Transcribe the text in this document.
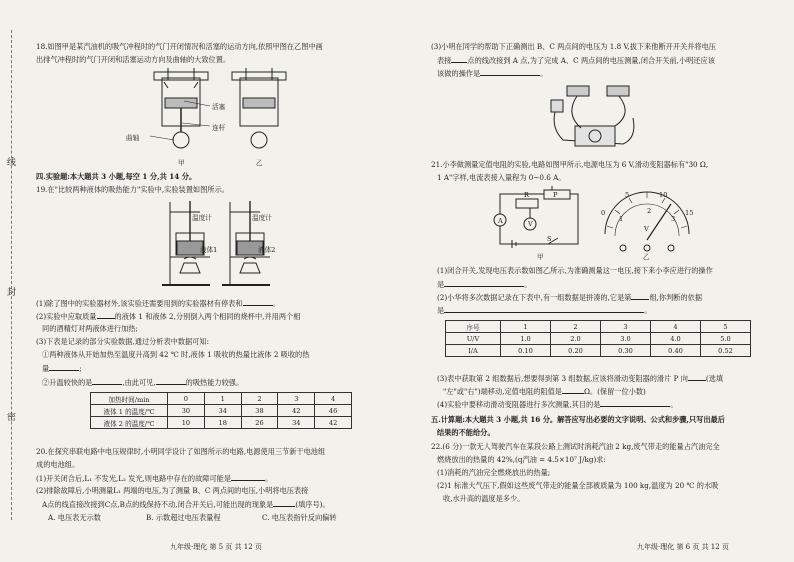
线
封
密
18.如图甲是某汽油机的吸气冲程时的气门开闭情况和活塞的运动方向,依照甲图在乙图中画
出排气冲程时的气门开闭和活塞运动方向及曲轴的大致位置。
活塞
连杆
曲轴
甲	乙
四.实验题:本大题共 3 小题,每空 1 分,共 14 分。
19.在"比较两种液体的吸热能力"实验中,实验装置如图所示。
温度计
液体1
温度计
液体2
(1)除了图中的实验器材外,该实验还需要用到的实验器材有停表和	。
(2)实验中应取质量	的液体 1 和液体 2,分别倒入两个相同的烧杯中,并用两个相
同的酒精灯对两液体进行加热;
(3)下表是记录的部分实验数据,通过分析表中数据可知:
①两种液体从开始加热至温度升高到 42 ℃ 时,液体 1 吸收的热量比液体 2 吸收的热
量	;
②升温较快的是	,由此可见,	的吸热能力较强。
加热时间/min	0	1	2	3	4
液体 1 的温度/℃	30	34	38	42	46
液体 2 的温度/℃	10	18	26	34	42
20.在探究串联电路中电压规律时,小明同学设计了如图所示的电路,电源使用三节新干电池组
成的电池组。
(1)开关闭合后,L₁ 不发光,L₂ 发光,则电路中存在的故障可能是	。
(2)排除故障后,小明测量L₁ 两端的电压,为了测量 B、C 两点间的电压,小明将电压表接
A点的线直接改接到C点,B点的线保持不动,闭合开关后,可能出现的现象是	(填序号)。
A. 电压表无示数	B. 示数超过电压表量程	C. 电压表指针反向偏转
九年级·理化 第 5 页 共 12 页
(3)小明在同学的帮助下正确测出 B、C 两点间的电压为 1.8 V,拔下来他断开开关并将电压
表接 点的线改接到 A 点,为了完成 A、C 两点间的电压测量,闭合开关前,小明还应该
该做的操作是	。
21.小李做测量定值电阻的实验,电路如图甲所示,电源电压为 6 V,滑动变阻器标有"30 Ω,
1 A"字样,电流表接入量程为 0~0.6 A。
R	P
V
A
S
甲
0
5	10
15
1
2
3
V
乙
(1)闭合开关,发现电压表示数如图乙所示,为准确测量这一电压,接下来小李应进行的操作
是	。
(2)小华将多次数据记录在下表中,有一组数据是拼凑的,它是第	组,你判断的依据
是	。
序号	1	2	3	4	5
U/V	1.0	2.0	3.0	4.0	5.0
I/A	0.10	0.20	0.30	0.40	0.52
(3)表中获取第 2 组数据后,想要得到第 3 组数据,应该将滑动变阻器的滑片 P 向	(选填
"左"或"右")端移动,定值电阻的阻值是	Ω。(保留一位小数)
(4)实验中要移动滑动变阻器进行多次测量,其目的是	。
五.计算题:本大题共 3 小题,共 16 分。解答应写出必要的文字说明、公式和步骤,只写出最后
结果的不能给分。
22.(6 分)一款无人驾驶汽车在某段公路上测试时消耗汽油 2 kg,废气带走的能量占汽油完全
燃烧放出的热量的 42%,(q汽油 = 4.5×10⁷ J/kg)求:
(1)消耗的汽油完全燃烧放出的热量;
(2)1 标准大气压下,假如这些废气带走的能量全部被质量为 100 kg,温度为 20 ℃ 的水吸
收,水升高的温度是多少。
九年级·理化 第 6 页 共 12 页
